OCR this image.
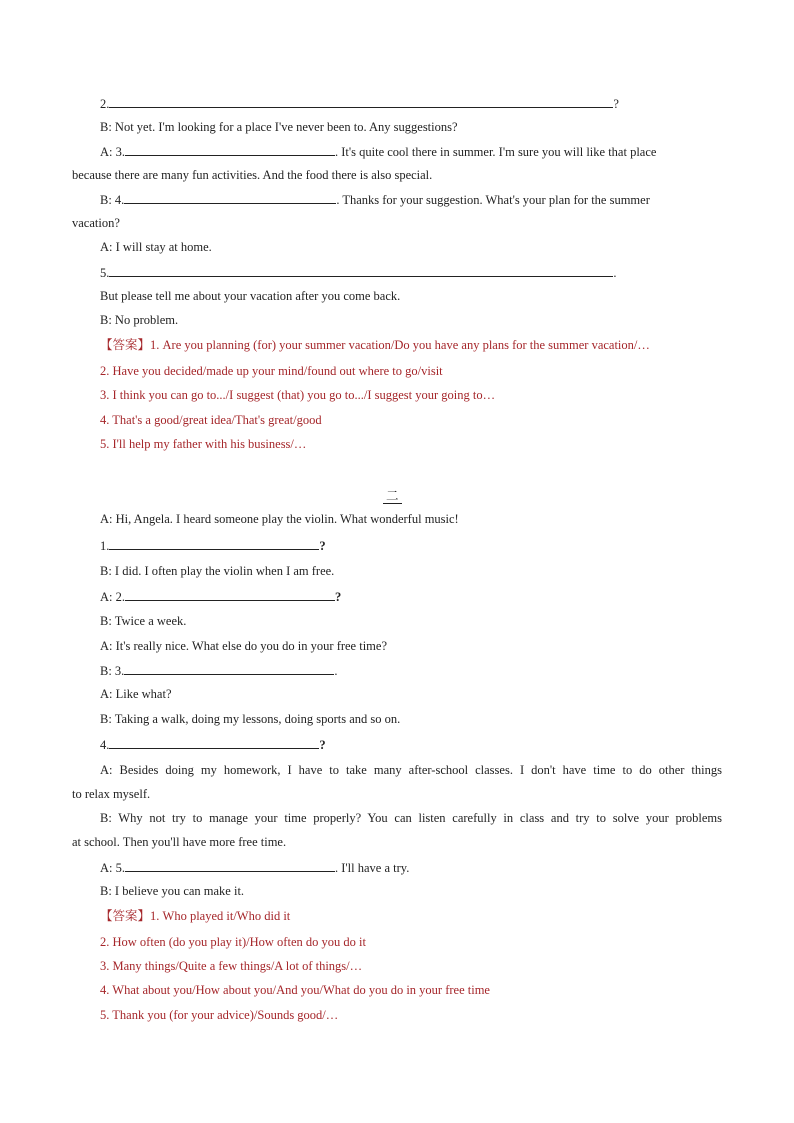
2.	?
B: Not yet. I'm looking for a place I've never been to. Any suggestions?
A: 3.	. It's quite cool there in summer. I'm sure you will like that place
because there are many fun activities. And the food there is also special.
B: 4.	. Thanks for your suggestion. What's your plan for the summer
vacation?
A: I will stay at home.
5.	.
But please tell me about your vacation after you come back.
B: No problem.
【答案】1. Are you planning (for) your summer vacation/Do you have any plans for the summer vacation/…
2. Have you decided/made up your mind/found out where to go/visit
3. I think you can go to.../I suggest (that) you go to.../I suggest your going to…
4. That's a good/great idea/That's great/good
5. I'll help my father with his business/…
二
A: Hi, Angela. I heard someone play the violin. What wonderful music!
1.	?
B: I did. I often play the violin when I am free.
A: 2.	?
B: Twice a week.
A: It's really nice. What else do you do in your free time?
B: 3.	.
A: Like what?
B: Taking a walk, doing my lessons, doing sports and so on.
4.	?
A: Besides doing my homework, I have to take many after-school classes. I don't have time to do other things
to relax myself.
B: Why not try to manage your time properly? You can listen carefully in class and try to solve your problems
at school. Then you'll have more free time.
A: 5.	. I'll have a try.
B: I believe you can make it.
【答案】1. Who played it/Who did it
2. How often (do you play it)/How often do you do it
3. Many things/Quite a few things/A lot of things/…
4. What about you/How about you/And you/What do you do in your free time
5. Thank you (for your advice)/Sounds good/…
